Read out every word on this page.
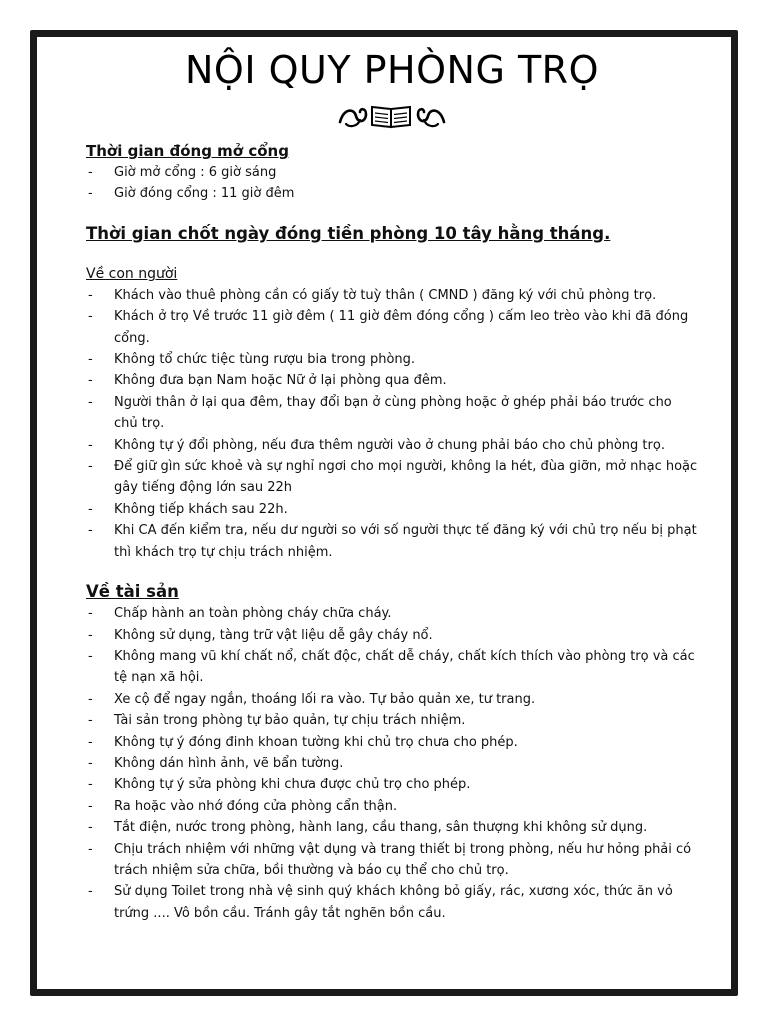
NỘI QUY PHÒNG TRỌ
Thời gian đóng mở cổng
- Giờ mở cổng : 6 giờ sáng
- Giờ đóng cổng : 11 giờ đêm
Thời gian chốt ngày đóng tiền phòng 10 tây hằng tháng.
Về con người
- Khách vào thuê phòng cần có giấy tờ tuỳ thân ( CMND ) đăng ký với chủ phòng trọ.
- Khách ở trọ Về trước 11 giờ đêm ( 11 giờ đêm đóng cổng ) cấm leo trèo vào khi đã đóng cổng.
- Không tổ chức tiệc tùng rượu bia trong phòng.
- Không đưa bạn Nam hoặc Nữ ở lại phòng qua đêm.
- Người thân ở lại qua đêm, thay đổi bạn ở cùng phòng hoặc ở ghép phải báo trước cho chủ trọ.
- Không tự ý đổi phòng, nếu đưa thêm người vào ở chung phải báo cho chủ phòng trọ.
- Để giữ gìn sức khoẻ và sự nghỉ ngơi cho mọi người, không la hét, đùa giỡn, mở nhạc hoặc gây tiếng động lớn sau 22h
- Không tiếp khách sau 22h.
- Khi CA đến kiểm tra, nếu dư người so với số người thực tế đăng ký với chủ trọ nếu bị phạt thì khách trọ tự chịu trách nhiệm.
Về tài sản
- Chấp hành an toàn phòng cháy chữa cháy.
- Không sử dụng, tàng trữ vật liệu dễ gây cháy nổ.
- Không mang vũ khí chất nổ, chất độc, chất dễ cháy, chất kích thích vào phòng trọ và các tệ nạn xã hội.
- Xe cộ để ngay ngắn, thoáng lối ra vào. Tự bảo quản xe, tư trang.
- Tài sản trong phòng tự bảo quản, tự chịu trách nhiệm.
- Không tự ý đóng đinh khoan tường khi chủ trọ chưa cho phép.
- Không dán hình ảnh, vẽ bẩn tường.
- Không tự ý sửa phòng khi chưa được chủ trọ cho phép.
- Ra hoặc vào nhớ đóng cửa phòng cẩn thận.
- Tắt điện, nước trong phòng, hành lang, cầu thang, sân thượng khi không sử dụng.
- Chịu trách nhiệm với những vật dụng và trang thiết bị trong phòng, nếu hư hỏng phải có trách nhiệm sửa chữa, bồi thường và báo cụ thể cho chủ trọ.
- Sử dụng Toilet trong nhà vệ sinh quý khách không bỏ giấy, rác, xương xóc, thức ăn vỏ trứng .... Vô bồn cầu. Tránh gây tắt nghẽn bồn cầu.
